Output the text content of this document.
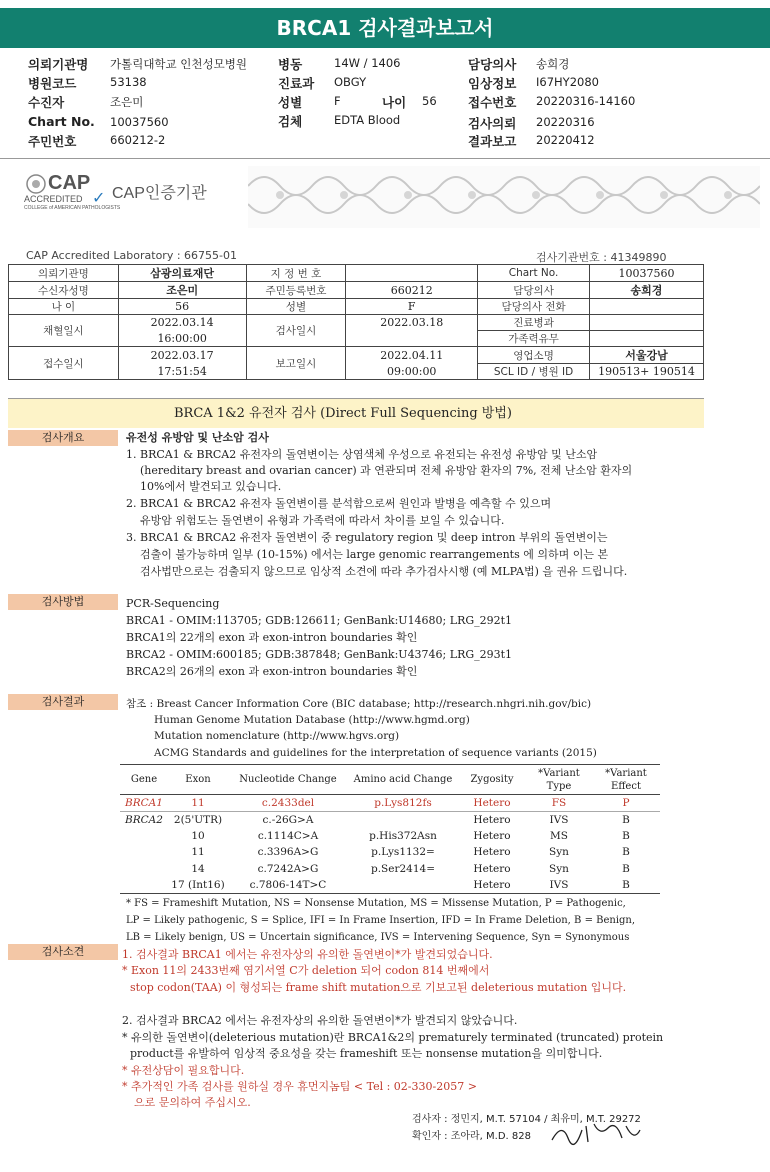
BRCA1 검사결과보고서
의뢰기관명 가톨릭대학교 인천성모병원
병원코드	53138
수진자	조은미
Chart No. 10037560
주민번호	660212-2
병동	14W / 1406
진료과 OBGY
성별	F	나이 56
검체	EDTA Blood
담당의사 송희경
임상정보 I67HY2080
접수번호 20220316-14160
검사의뢰 20220316
결과보고 20220412
CAP
ACCREDITED ✓
COLLEGE of AMERICAN PATHOLOGISTS
CAP인증기관
CAP Accredited Laboratory : 66755-01	검사기관번호 : 41349890
의뢰기관명	삼광의료재단	지 정 번 호		Chart No.	10037560
수신자성명	조은미	주민등록번호	660212	담당의사	송희경
나 이	56	성별	F	담당의사 전화	
채혈일시	2022.03.14	검사일시	2022.03.18	진료병과	
	16:00:00			가족력유무	
접수일시	2022.03.17	보고일시	2022.04.11	영업소명	서울강남
	17:51:54		09:00:00	SCL ID / 병원 ID	190513+ 190514
BRCA 1&2 유전자 검사 (Direct Full Sequencing 방법)
검사개요	유전성 유방암 및 난소암 검사
1. BRCA1 & BRCA2 유전자의 돌연변이는 상염색체 우성으로 유전되는 유전성 유방암 및 난소암
(hereditary breast and ovarian cancer) 과 연관되며 전체 유방암 환자의 7%, 전체 난소암 환자의
10%에서 발견되고 있습니다.
2. BRCA1 & BRCA2 유전자 돌연변이를 분석함으로써 원인과 발병을 예측할 수 있으며
유방암 위험도는 돌연변이 유형과 가족력에 따라서 차이를 보일 수 있습니다.
3. BRCA1 & BRCA2 유전자 돌연변이 중 regulatory region 및 deep intron 부위의 돌연변이는
검출이 불가능하며 일부 (10-15%) 에서는 large genomic rearrangements 에 의하며 이는 본
검사법만으로는 검출되지 않으므로 임상적 소견에 따라 추가검사시행 (예 MLPA법) 을 권유 드립니다.
검사방법	PCR-Sequencing
BRCA1 - OMIM:113705; GDB:126611; GenBank:U14680; LRG_292t1
BRCA1의 22개의 exon 과 exon-intron boundaries 확인
BRCA2 - OMIM:600185; GDB:387848; GenBank:U43746; LRG_293t1
BRCA2의 26개의 exon 과 exon-intron boundaries 확인
검사결과	참조 : Breast Cancer Information Core (BIC database; http://research.nhgri.nih.gov/bic)
Human Genome Mutation Database (http://www.hgmd.org)
Mutation nomenclature (http://www.hgvs.org)
ACMG Standards and guidelines for the interpretation of sequence variants (2015)
Gene	Exon	Nucleotide Change	Amino acid Change	Zygosity	*Variant Type	*Variant Effect
BRCA1	11	c.2433del	p.Lys812fs	Hetero	FS	P
BRCA2	2(5'UTR)	c.-26G>A		Hetero	IVS	B
	10	c.1114C>A	p.His372Asn	Hetero	MS	B
	11	c.3396A>G	p.Lys1132=	Hetero	Syn	B
	14	c.7242A>G	p.Ser2414=	Hetero	Syn	B
	17 (Int16)	c.7806-14T>C		Hetero	IVS	B
* FS = Frameshift Mutation, NS = Nonsense Mutation, MS = Missense Mutation, P = Pathogenic,
LP = Likely pathogenic, S = Splice, IFI = In Frame Insertion, IFD = In Frame Deletion, B = Benign,
LB = Likely benign, US = Uncertain significance, IVS = Intervening Sequence, Syn = Synonymous
검사소견	1. 검사결과 BRCA1 에서는 유전자상의 유의한 돌연변이*가 발견되었습니다.
* Exon 11의 2433번째 염기서열 C가 deletion 되어 codon 814 번째에서
stop codon(TAA) 이 형성되는 frame shift mutation으로 기보고된 deleterious mutation 입니다.
2. 검사결과 BRCA2 에서는 유전자상의 유의한 돌연변이*가 발견되지 않았습니다.
* 유의한 돌연변이(deleterious mutation)란 BRCA1&2의 prematurely terminated (truncated) protein
product를 유발하여 임상적 중요성을 갖는 frameshift 또는 nonsense mutation을 의미합니다.
* 유전상담이 필요합니다.
* 추가적인 가족 검사를 원하실 경우 휴먼지놈팀 < Tel : 02-330-2057 >
으로 문의하여 주십시오.
검사자 : 정민지, M.T. 57104 / 최유미, M.T. 29272
확인자 : 조아라, M.D. 828
